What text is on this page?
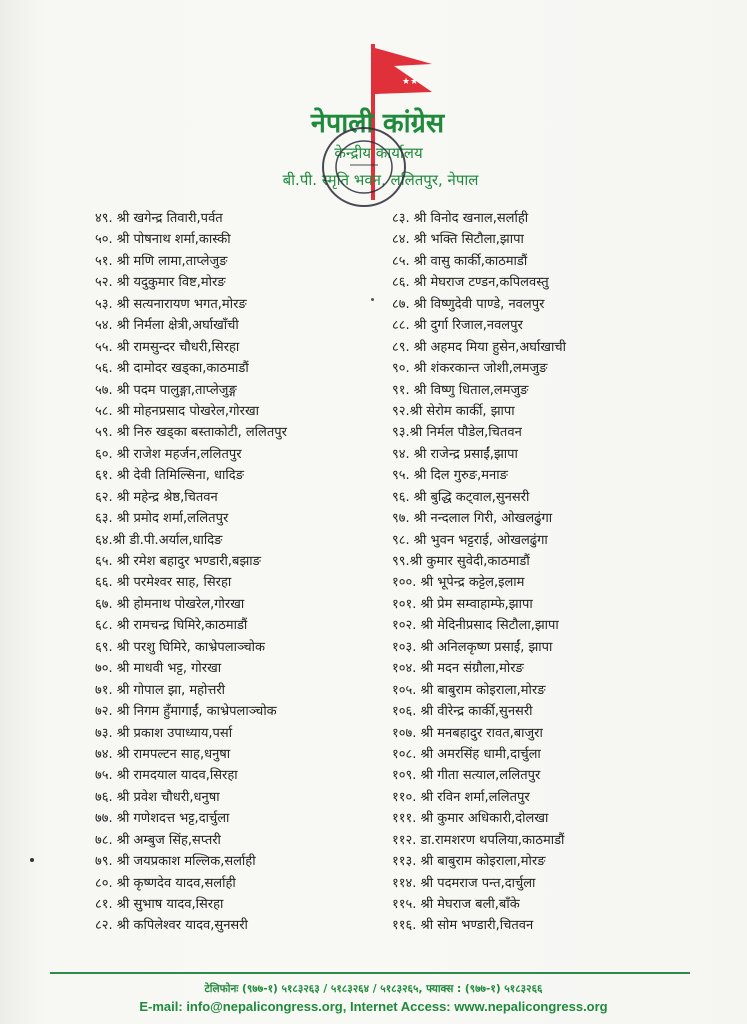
★★
★
नेपाली कांग्रेस
केन्द्रीय कार्यालय
बी.पी. स्मृति भवन, ललितपुर, नेपाल
४९. श्री खगेन्द्र तिवारी,पर्वत
५०. श्री पोषनाथ शर्मा,कास्की
५१. श्री मणि लामा,ताप्लेजुङ
५२. श्री यदुकुमार विष्ट,मोरङ
५३. श्री सत्यनारायण भगत,मोरङ
५४. श्री निर्मला क्षेत्री,अर्घाखाँची
५५. श्री रामसुन्दर चौधरी,सिरहा
५६. श्री दामोदर खड्का,काठमाडौं
५७. श्री पदम पालुङ्गा,ताप्लेजुङ्ग
५८. श्री मोहनप्रसाद पोखरेल,गोरखा
५९. श्री निरु खड्का बस्ताकोटी, ललितपुर
६०. श्री राजेश महर्जन,ललितपुर
६१. श्री देवी तिमिल्सिना, धादिङ
६२. श्री महेन्द्र श्रेष्ठ,चितवन
६३. श्री प्रमोद शर्मा,ललितपुर
६४.श्री डी.पी.अर्याल,धादिङ
६५. श्री रमेश बहादुर भण्डारी,बझाङ
६६. श्री परमेश्वर साह, सिरहा
६७. श्री होमनाथ पोखरेल,गोरखा
६८. श्री रामचन्द्र घिमिरे,काठमाडौं
६९. श्री परशु घिमिरे, काभ्रेपलाञ्चोक
७०. श्री माधवी भट्ट, गोरखा
७१. श्री गोपाल झा, महोत्तरी
७२. श्री निगम हुँमागाईं, काभ्रेपलाञ्चोक
७३. श्री प्रकाश उपाध्याय,पर्सा
७४. श्री रामपल्टन साह,धनुषा
७५. श्री रामदयाल यादव,सिरहा
७६. श्री प्रवेश चौधरी,धनुषा
७७. श्री गणेशदत्त भट्ट,दार्चुला
७८. श्री अम्बुज सिंह,सप्तरी
७९. श्री जयप्रकाश मल्लिक,सर्लाही
८०. श्री कृष्णदेव यादव,सर्लाही
८१. श्री सुभाष यादव,सिरहा
८२. श्री कपिलेश्वर यादव,सुनसरी
८३. श्री विनोद खनाल,सर्लाही
८४. श्री भक्ति सिटौला,झापा
८५. श्री वासु कार्की,काठमाडौं
८६. श्री मेघराज टण्डन,कपिलवस्तु
८७. श्री विष्णुदेवी पाण्डे, नवलपुर
८८. श्री दुर्गा रिजाल,नवलपुर
८९. श्री अहमद मिया हुसेन,अर्घाखाची
९०. श्री शंकरकान्त जोशी,लमजुङ
९१. श्री विष्णु धिताल,लमजुङ
९२.श्री सेरोम कार्की, झापा
९३.श्री निर्मल पौडेल,चितवन
९४. श्री राजेन्द्र प्रसाईं,झापा
९५. श्री दिल गुरुङ,मनाङ
९६. श्री बुद्धि कट्वाल,सुनसरी
९७. श्री नन्दलाल गिरी, ओखलढुंगा
९८. श्री भुवन भट्टराई, ओखलढुंगा
९९.श्री कुमार सुवेदी,काठमाडौं
१००. श्री भूपेन्द्र कट्टेल,इलाम
१०१. श्री प्रेम सम्वाहाम्फे,झापा
१०२. श्री मेदिनीप्रसाद सिटौला,झापा
१०३. श्री अनिलकृष्ण प्रसाईं, झापा
१०४. श्री मदन संग्रौला,मोरङ
१०५. श्री बाबुराम कोइराला,मोरङ
१०६. श्री वीरेन्द्र कार्की,सुनसरी
१०७. श्री मनबहादुर रावत,बाजुरा
१०८. श्री अमरसिंह धामी,दार्चुला
१०९. श्री गीता सत्याल,ललितपुर
११०. श्री रविन शर्मा,ललितपुर
१११. श्री कुमार अधिकारी,दोलखा
११२. डा.रामशरण थपलिया,काठमाडौं
११३. श्री बाबुराम कोइराला,मोरङ
११४. श्री पदमराज पन्त,दार्चुला
११५. श्री मेघराज बली,बाँके
११६. श्री सोम भण्डारी,चितवन
टेलिफोनः (९७७-१) ५१८३२६३ / ५१८३२६४ / ५१८३२६५, फ्याक्स : (९७७-१) ५१८३२६६
E-mail: info@nepalicongress.org, Internet Access: www.nepalicongress.org
